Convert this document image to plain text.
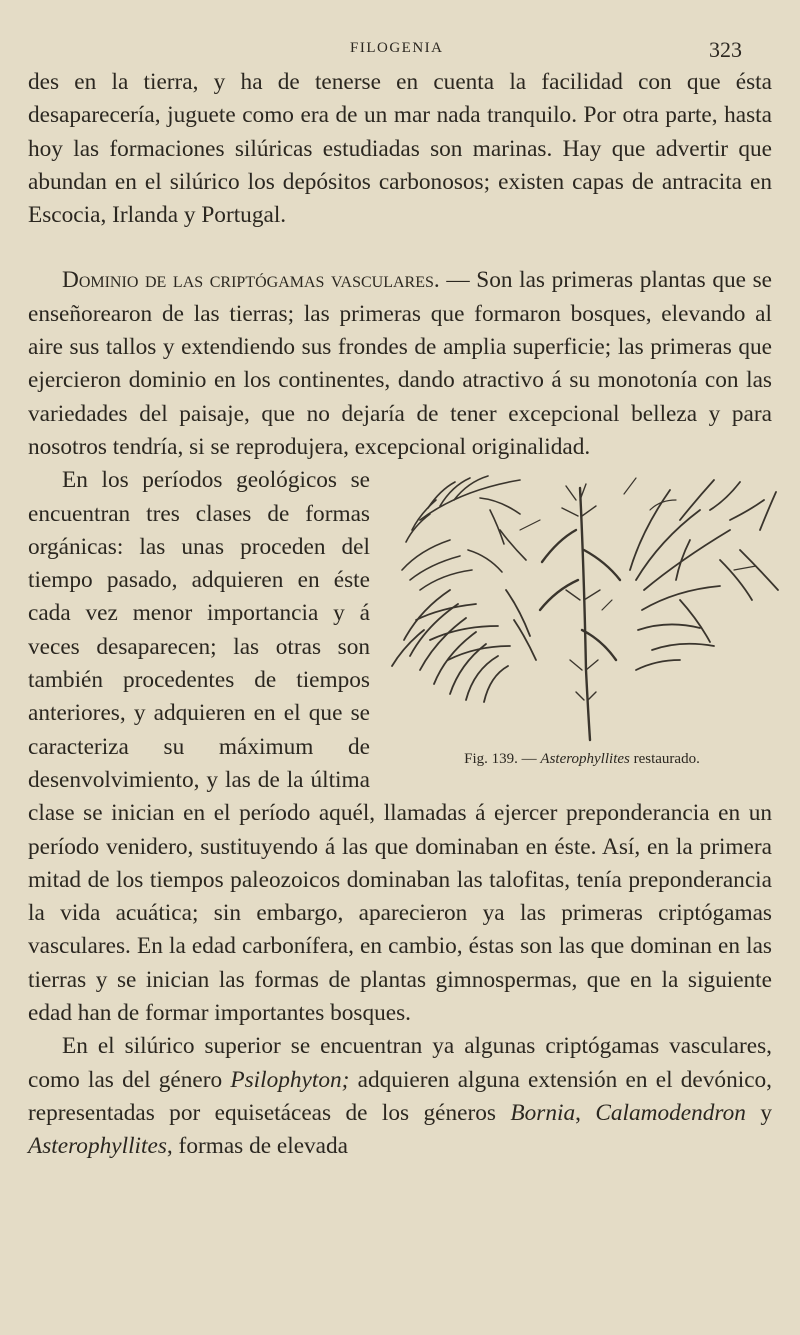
FILOGENIA	323

des en la tierra, y ha de tenerse en cuenta la facilidad con que ésta desaparecería, juguete como era de un mar nada tranquilo. Por otra parte, hasta hoy las formaciones silúricas estudiadas son marinas. Hay que advertir que abundan en el silúrico los depósitos carbonosos; existen capas de antracita en Escocia, Irlanda y Portugal.

Dominio de las criptógamas vasculares. — Son las primeras plantas que se enseñorearon de las tierras; las primeras que formaron bosques, elevando al aire sus tallos y extendiendo sus frondes de amplia superficie; las primeras que ejercieron dominio en los continentes, dando atractivo á su monotonía con las variedades del paisaje, que no dejaría de tener excepcional belleza y para nosotros tendría, si se reprodujera, excepcional originalidad.

Fig. 139. — Asterophyllites restaurado.

En los períodos geológicos se encuentran tres clases de formas orgánicas: las unas proceden del tiempo pasado, adquieren en éste cada vez menor importancia y á veces desaparecen; las otras son también procedentes de tiempos anteriores, y adquieren en el que se caracteriza su máximum de desenvolvimiento, y las de la última clase se inician en el período aquél, llamadas á ejercer preponderancia en un período venidero, sustituyendo á las que dominaban en éste. Así, en la primera mitad de los tiempos paleozoicos dominaban las talofitas, tenía preponderancia la vida acuática; sin embargo, aparecieron ya las primeras criptógamas vasculares. En la edad carbonífera, en cambio, éstas son las que dominan en las tierras y se inician las formas de plantas gimnospermas, que en la siguiente edad han de formar importantes bosques.

En el silúrico superior se encuentran ya algunas criptógamas vasculares, como las del género Psilophyton; adquieren alguna extensión en el devónico, representadas por equisetáceas de los géneros Bornia, Calamodendron y Asterophyllites, formas de elevada
